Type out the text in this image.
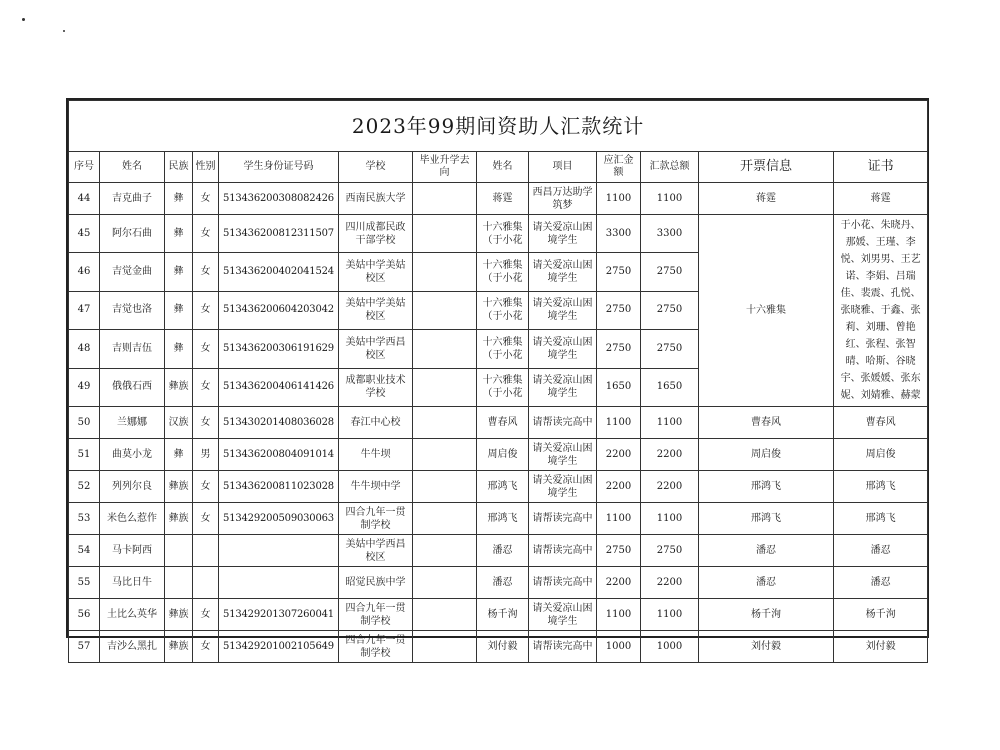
2023年99期间资助人汇款统计												
序号	姓名	民族	性别	学生身份证号码	学校	毕业升学去向	姓名	项目	应汇金额	汇款总额	开票信息	证书
44	吉克曲子	彝	女	513436200308082426	西南民族大学		蒋霆	西昌万达助学筑梦	1100	1100	蒋霆	蒋霆
45	阿尔石曲	彝	女	513436200812311507	四川成都民政干部学校		十六雅集（于小花	请关爱凉山困境学生	3300	3300	十六雅集	于小花、朱晓丹、那媛、王瑾、李悦、刘男男、王艺诺、李娟、吕瑞佳、裴震、孔悦、张晓雅、于鑫、张莉、刘珊、曾艳红、张程、张智晴、哈斯、谷晓宇、张媛媛、张东妮、刘婧雅、赫蒙
46	吉觉金曲	彝	女	513436200402041524	美姑中学美姑校区		十六雅集（于小花	请关爱凉山困境学生	2750	2750		
47	吉觉也洛	彝	女	513436200604203042	美姑中学美姑校区		十六雅集（于小花	请关爱凉山困境学生	2750	2750		
48	吉则吉伍	彝	女	513436200306191629	美姑中学西昌校区		十六雅集（于小花	请关爱凉山困境学生	2750	2750		
49	俄俄石西	彝族	女	513436200406141426	成都职业技术学校		十六雅集（于小花	请关爱凉山困境学生	1650	1650		
50	兰娜娜	汉族	女	513430201408036028	春江中心校		曹春风	请帮读完高中	1100	1100	曹春风	曹春风
51	曲莫小龙	彝	男	513436200804091014	牛牛坝		周启俊	请关爱凉山困境学生	2200	2200	周启俊	周启俊
52	列列尔良	彝族	女	513436200811023028	牛牛坝中学		邢鸿飞	请关爱凉山困境学生	2200	2200	邢鸿飞	邢鸿飞
53	米色么惹作	彝族	女	513429200509030063	四合九年一贯制学校		邢鸿飞	请帮读完高中	1100	1100	邢鸿飞	邢鸿飞
54	马卡阿西				美姑中学西昌校区		潘忍	请帮读完高中	2750	2750	潘忍	潘忍
55	马比日牛				昭觉民族中学		潘忍	请帮读完高中	2200	2200	潘忍	潘忍
56	土比么英华	彝族	女	513429201307260041	四合九年一贯制学校		杨千洵	请关爱凉山困境学生	1100	1100	杨千洵	杨千洵
57	吉沙么黑扎	彝族	女	513429201002105649	四合九年一贯制学校		刘付毅	请帮读完高中	1000	1000	刘付毅	刘付毅
